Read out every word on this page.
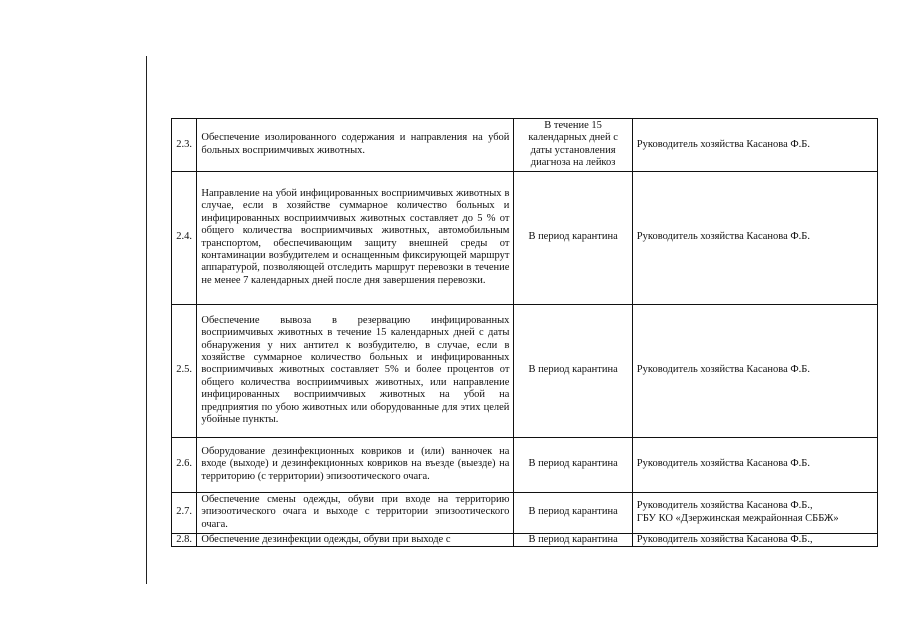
2.3.	Обеспечение изолированного содержания и направления на убой больных восприимчивых животных.	В течение 15
календарных дней с
даты установления
диагноза на лейкоз	Руководитель хозяйства Касанова Ф.Б.
2.4.	Направление на убой инфицированных восприимчивых животных в случае, если в хозяйстве суммарное количество больных и инфицированных восприимчивых животных составляет до 5 % от общего количества восприимчивых животных, автомобильным транспортом, обеспечивающим защиту внешней среды от контаминации возбудителем и оснащенным фиксирующей маршрут аппаратурой, позволяющей отследить маршрут перевозки в течение не менее 7 календарных дней после дня завершения перевозки.	В период карантина	Руководитель хозяйства Касанова Ф.Б.
2.5.	Обеспечение вывоза в резервацию инфицированных восприимчивых животных в течение 15 календарных дней с даты обнаружения у них антител к возбудителю, в случае, если в хозяйстве суммарное количество больных и инфицированных восприимчивых животных составляет 5% и более процентов от общего количества восприимчивых животных, или направление инфицированных восприимчивых животных на убой на предприятия по убою животных или оборудованные для этих целей убойные пункты.	В период карантина	Руководитель хозяйства Касанова Ф.Б.
2.6.	Оборудование дезинфекционных ковриков и (или) ванночек на входе (выходе) и дезинфекционных ковриков на въезде (выезде) на территорию (с территории) эпизоотического очага.	В период карантина	Руководитель хозяйства Касанова Ф.Б.
2.7.	Обеспечение смены одежды, обуви при входе на территорию эпизоотического очага и выходе с территории эпизоотического очага.	В период карантина	Руководитель хозяйства Касанова Ф.Б.,
ГБУ КО «Дзержинская межрайонная СББЖ»

2.8.	Обеспечение дезинфекции одежды, обуви при выходе с	В период карантина	Руководитель хозяйства Касанова Ф.Б.,
